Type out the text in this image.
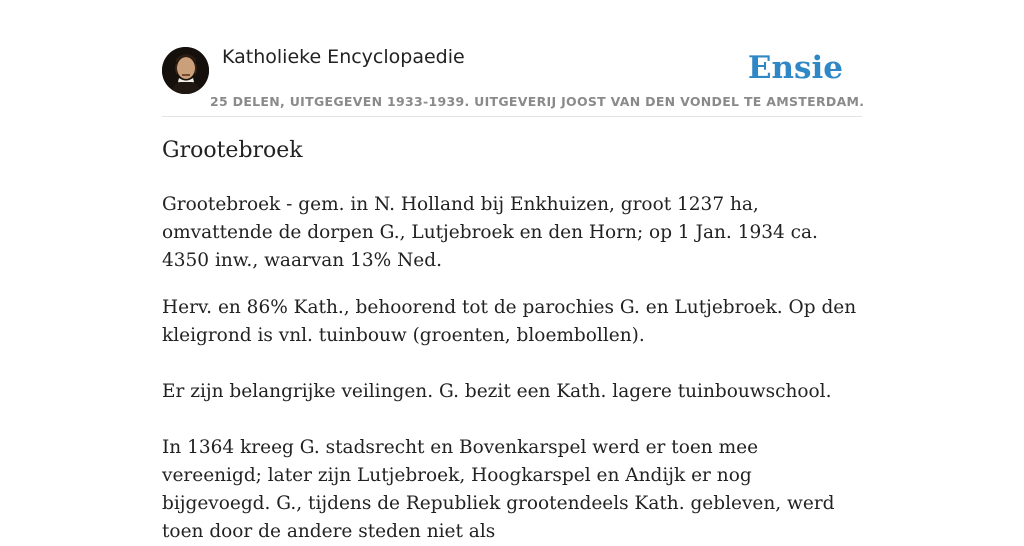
Katholieke Encyclopaedie
25 DELEN, UITGEGEVEN 1933-1939. UITGEVERIJ JOOST VAN DEN VONDEL TE AMSTERDAM.
Ensie
Grootebroek

Grootebroek - gem. in N. Holland bij Enkhuizen, groot 1237 ha, omvattende de dorpen G., Lutjebroek en den Horn; op 1 Jan. 1934 ca. 4350 inw., waarvan 13% Ned.

Herv. en 86% Kath., behoorend tot de parochies G. en Lutjebroek. Op den kleigrond is vnl. tuinbouw (groenten, bloembollen).

Er zijn belangrijke veilingen. G. bezit een Kath. lagere tuinbouwschool.

In 1364 kreeg G. stadsrecht en Bovenkarspel werd er toen mee vereenigd; later zijn Lutjebroek, Hoogkarspel en Andijk er nog bijgevoegd. G., tijdens de Republiek grootendeels Kath. gebleven, werd toen door de andere steden niet als
